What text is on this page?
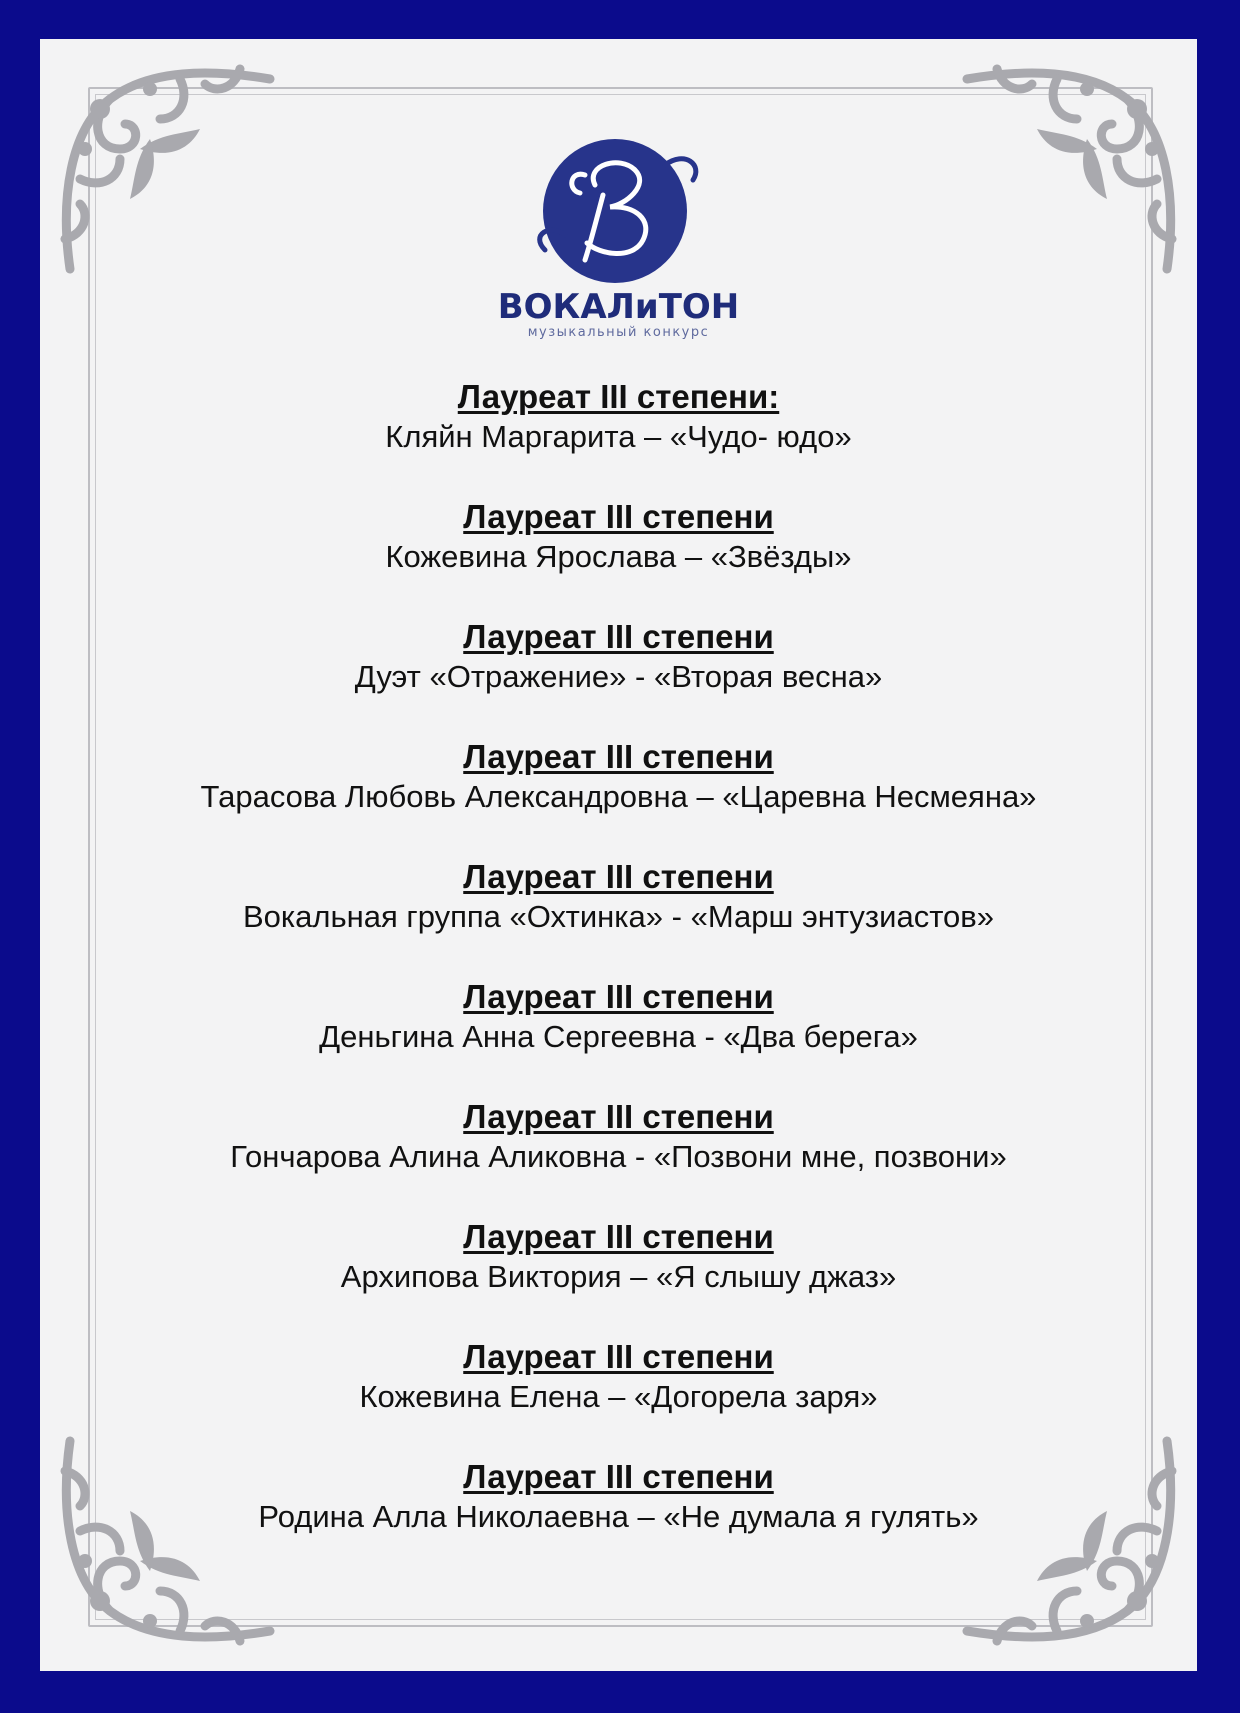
ВОКАЛиТОН
музыкальный конкурс
Лауреат III степени:
Кляйн Маргарита – «Чудо- юдо»
Лауреат III степени
Кожевина Ярослава – «Звёзды»
Лауреат III степени
Дуэт «Отражение» - «Вторая весна»
Лауреат III степени
Тарасова Любовь Александровна – «Царевна Несмеяна»
Лауреат III степени
Вокальная группа «Охтинка» - «Марш энтузиастов»
Лауреат III степени
Деньгина Анна Сергеевна - «Два берега»
Лауреат III степени
Гончарова Алина Аликовна - «Позвони мне, позвони»
Лауреат III степени
Архипова Виктория – «Я слышу джаз»
Лауреат III степени
Кожевина Елена – «Догорела заря»
Лауреат III степени
Родина Алла Николаевна – «Не думала я гулять»
